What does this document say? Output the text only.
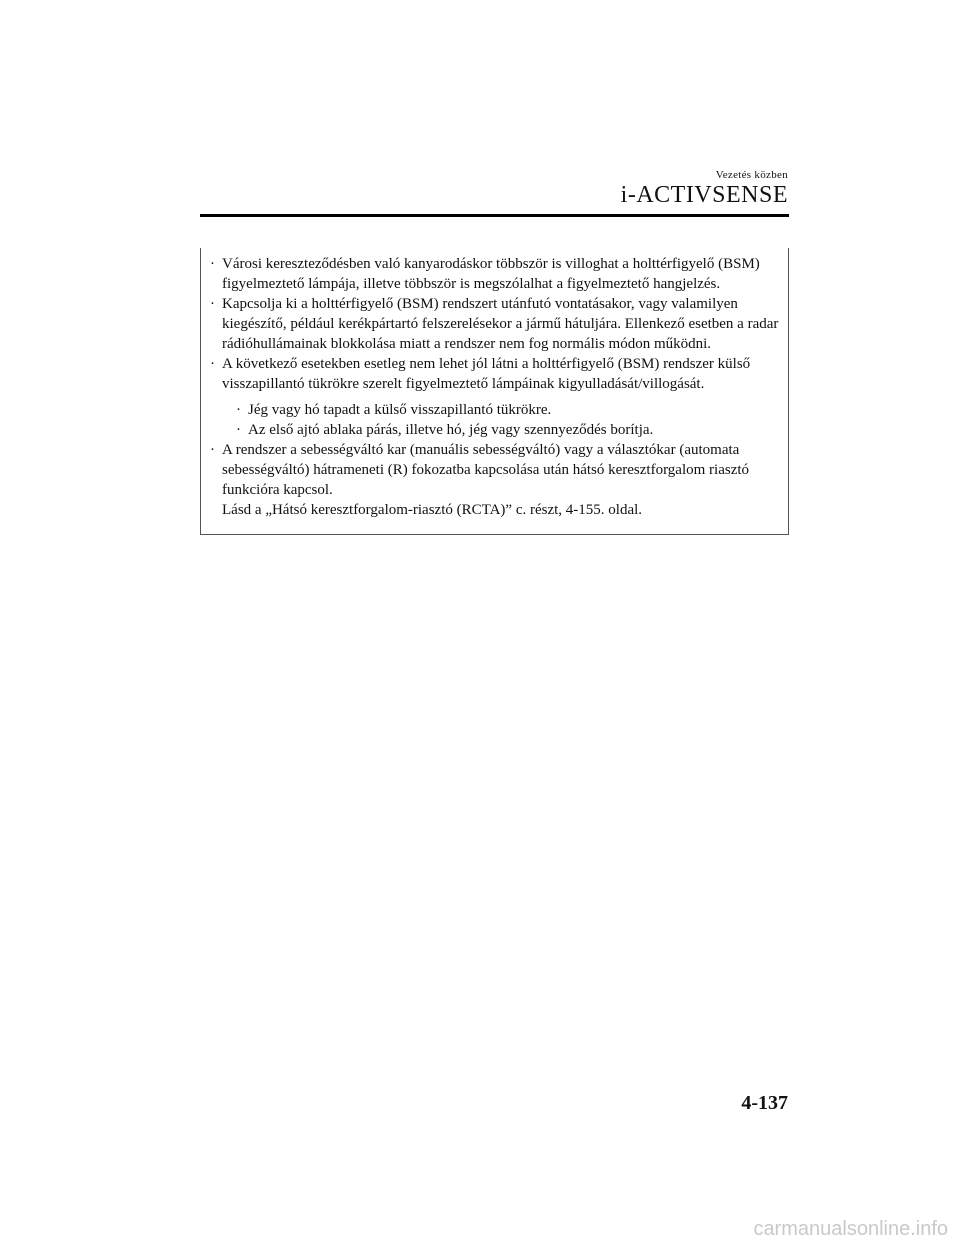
Vezetés közben
i-ACTIVSENSE
· Városi kereszteződésben való kanyarodáskor többször is villoghat a holttérfigyelő (BSM) figyelmeztető lámpája, illetve többször is megszólalhat a figyelmeztető hangjelzés.
· Kapcsolja ki a holttérfigyelő (BSM) rendszert utánfutó vontatásakor, vagy valamilyen kiegészítő, például kerékpártartó felszerelésekor a jármű hátuljára. Ellenkező esetben a radar rádióhullámainak blokkolása miatt a rendszer nem fog normális módon működni.
· A következő esetekben esetleg nem lehet jól látni a holttérfigyelő (BSM) rendszer külső visszapillantó tükrökre szerelt figyelmeztető lámpáinak kigyulladását/villogását.
· Jég vagy hó tapadt a külső visszapillantó tükrökre.
· Az első ajtó ablaka párás, illetve hó, jég vagy szennyeződés borítja.
· A rendszer a sebességváltó kar (manuális sebességváltó) vagy a választókar (automata sebességváltó) hátrameneti (R) fokozatba kapcsolása után hátsó keresztforgalom riasztó funkcióra kapcsol.
Lásd a „Hátsó keresztforgalom-riasztó (RCTA)” c. részt, 4-155. oldal.
4-137
carmanualsonline.info
